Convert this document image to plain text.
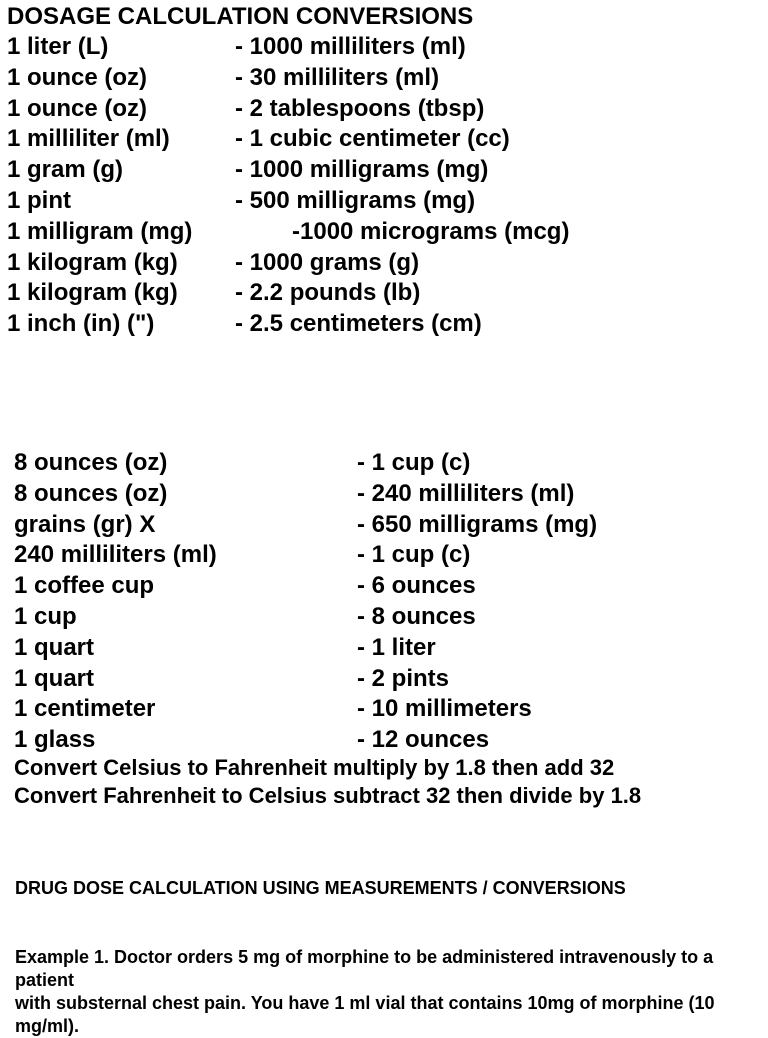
DOSAGE CALCULATION CONVERSIONS
1 liter (L)	- 1000 milliliters (ml)
1 ounce (oz)	- 30 milliliters (ml)
1 ounce (oz)	- 2 tablespoons (tbsp)
1 milliliter (ml)	- 1 cubic centimeter (cc)
1 gram (g)	- 1000 milligrams (mg)
1 pint	- 500 milligrams (mg)
1 milligram (mg)	-1000 micrograms (mcg)
1 kilogram (kg) - 1000 grams (g)
1 kilogram (kg) - 2.2 pounds (lb)
1 inch (in) (")	- 2.5 centimeters (cm)
8 ounces (oz)	- 1 cup (c)
8 ounces (oz)	- 240 milliliters (ml)
grains (gr) X	- 650 milligrams (mg)
240 milliliters (ml)	- 1 cup (c)
1 coffee cup	- 6 ounces
1 cup	- 8 ounces
1 quart	- 1 liter
1 quart	- 2 pints
1 centimeter	- 10 millimeters
1 glass	- 12 ounces
Convert Celsius to Fahrenheit multiply by 1.8 then add 32
Convert Fahrenheit to Celsius subtract 32 then divide by 1.8
DRUG DOSE CALCULATION USING MEASUREMENTS / CONVERSIONS
Example 1. Doctor orders 5 mg of morphine to be administered intravenously to a patient
with substernal chest pain. You have 1 ml vial that contains 10mg of morphine (10 mg/ml).
